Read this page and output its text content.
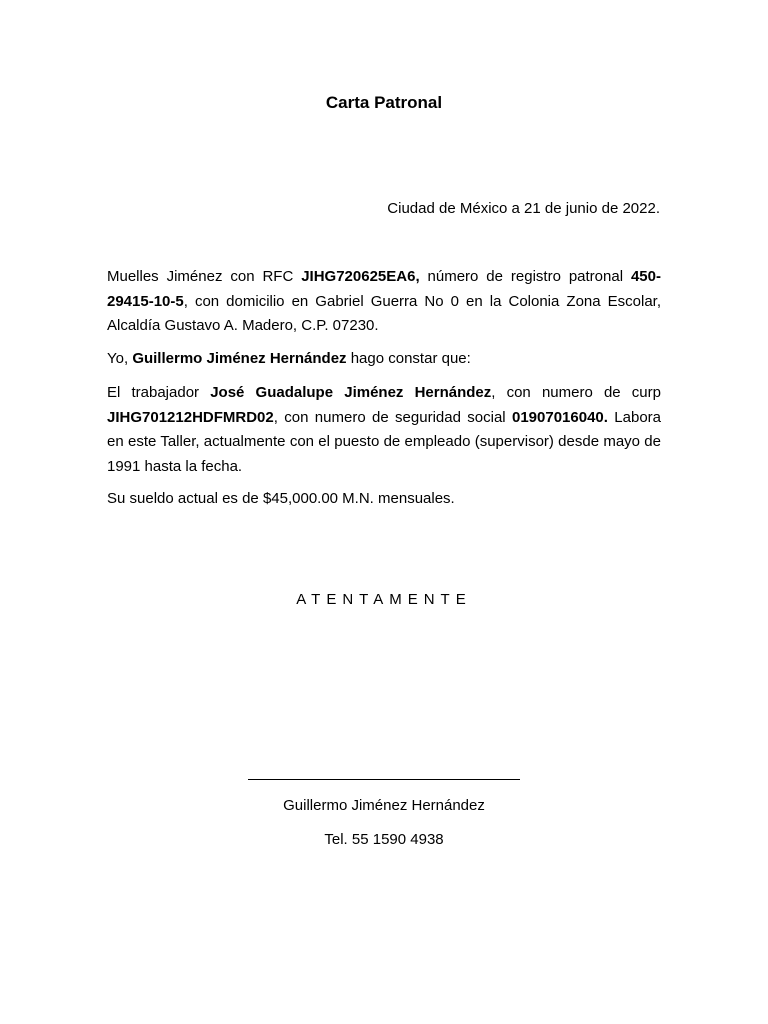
Carta Patronal
Ciudad de México a 21 de junio de 2022.

Muelles Jiménez con RFC JIHG720625EA6, número de registro patronal 450-29415-10-5, con domicilio en Gabriel Guerra No 0 en la Colonia Zona Escolar, Alcaldía Gustavo A. Madero, C.P. 07230.

Yo, Guillermo Jiménez Hernández hago constar que:

El trabajador José Guadalupe Jiménez Hernández, con numero de curp JIHG701212HDFMRD02, con numero de seguridad social 01907016040. Labora en este Taller, actualmente con el puesto de empleado (supervisor) desde mayo de 1991 hasta la fecha.

Su sueldo actual es de $45,000.00 M.N. mensuales.

ATENTAMENTE
Guillermo Jiménez Hernández
Tel. 55 1590 4938
